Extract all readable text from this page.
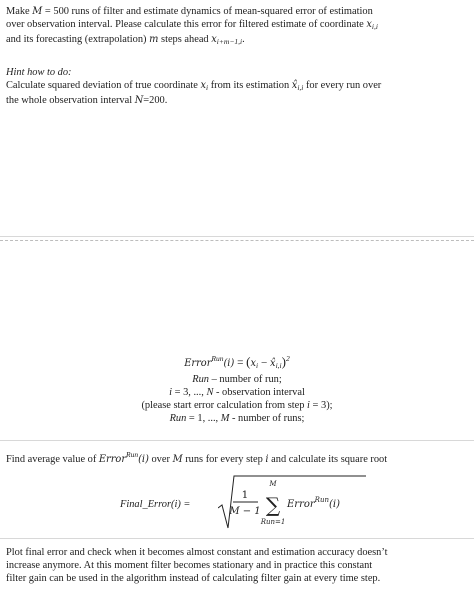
Make M = 500 runs of filter and estimate dynamics of mean-squared error of estimation
over observation interval. Please calculate this error for filtered estimate of coordinate $x_{i,i}$
and its forecasting (extrapolation) m steps ahead $x_{i+m-1,i}$.
Hint how to do:
Calculate squared deviation of true coordinate $x_i$ from its estimation $x̂_{i,i}$ for every run over
the whole observation interval N=200.
Error$^{Run}$(i) = ($x_i$ − $x̂_{i,i})^2$
Run – number of run;
i = 3, ..., N - observation interval
(please start error calculation from step i = 3);
Run = 1, ..., M - number of runs;
Find average value of Error$^{Run}$(i) over M runs for every step i and calculate its square root
Final_Error(i) =
1
M − 1
M
∑
Run=1
Error$^{Run}$(i)
Plot final error and check when it becomes almost constant and estimation accuracy doesn’t
increase anymore. At this moment filter becomes stationary and in practice this constant
filter gain can be used in the algorithm instead of calculating filter gain at every time step.
